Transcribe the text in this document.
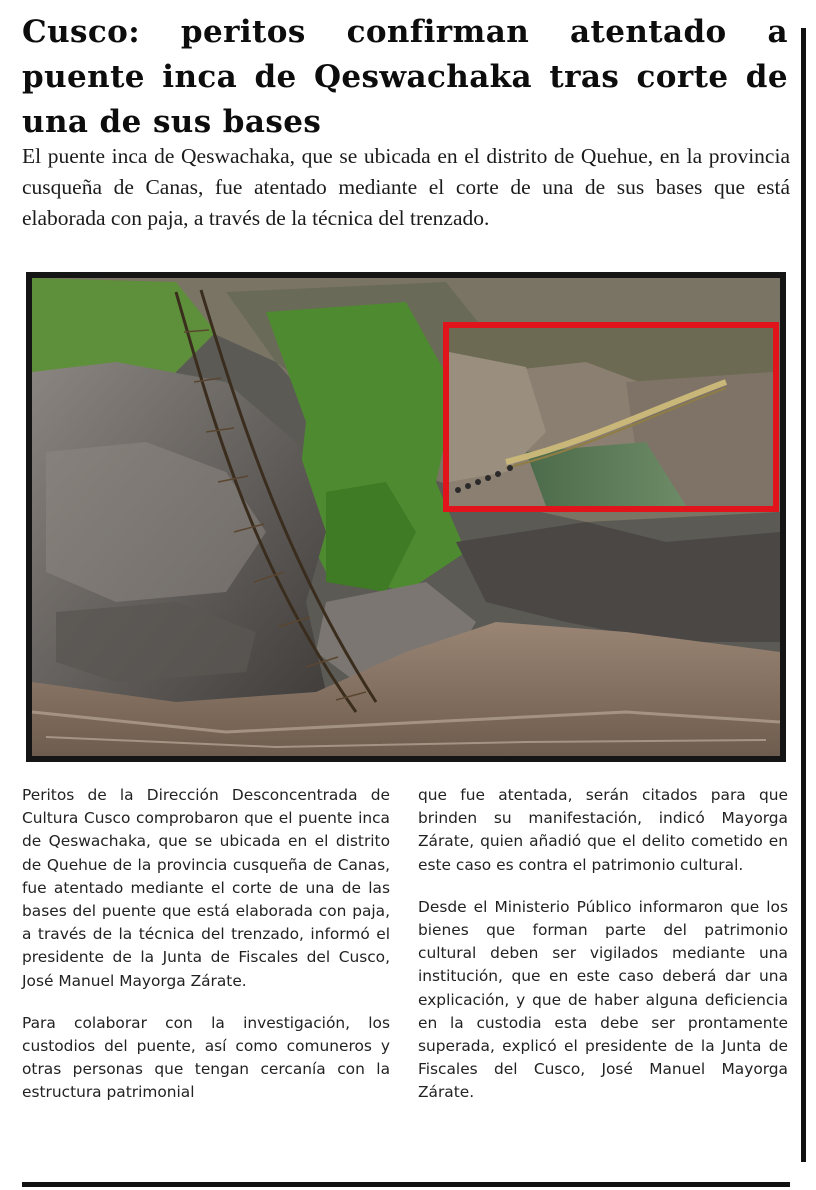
Cusco: peritos confirman atentado a puente inca de Qeswachaka tras corte de una de sus bases

El puente inca de Qeswachaka, que se ubicada en el distrito de Quehue, en la provincia cusqueña de Canas, fue atentado mediante el corte de una de sus bases que está elaborada con paja, a través de la técnica del trenzado.

Peritos de la Dirección Desconcentrada de Cultura Cusco comprobaron que el puente inca de Qeswachaka, que se ubicada en el distrito de Quehue de la provincia cusqueña de Canas, fue atentado mediante el corte de una de las bases del puente que está elaborada con paja, a través de la técnica del trenzado, informó el presidente de la Junta de Fiscales del Cusco, José Manuel Mayorga Zárate.

Para colaborar con la investigación, los custodios del puente, así como comuneros y otras personas que tengan cercanía con la estructura patrimonial

que fue atentada, serán citados para que brinden su manifestación, indicó Mayorga Zárate, quien añadió que el delito cometido en este caso es contra el patrimonio cultural.

Desde el Ministerio Público informaron que los bienes que forman parte del patrimonio cultural deben ser vigilados mediante una institución, que en este caso deberá dar una explicación, y que de haber alguna deficiencia en la custodia esta debe ser prontamente superada, explicó el presidente de la Junta de Fiscales del Cusco, José Manuel Mayorga Zárate.
